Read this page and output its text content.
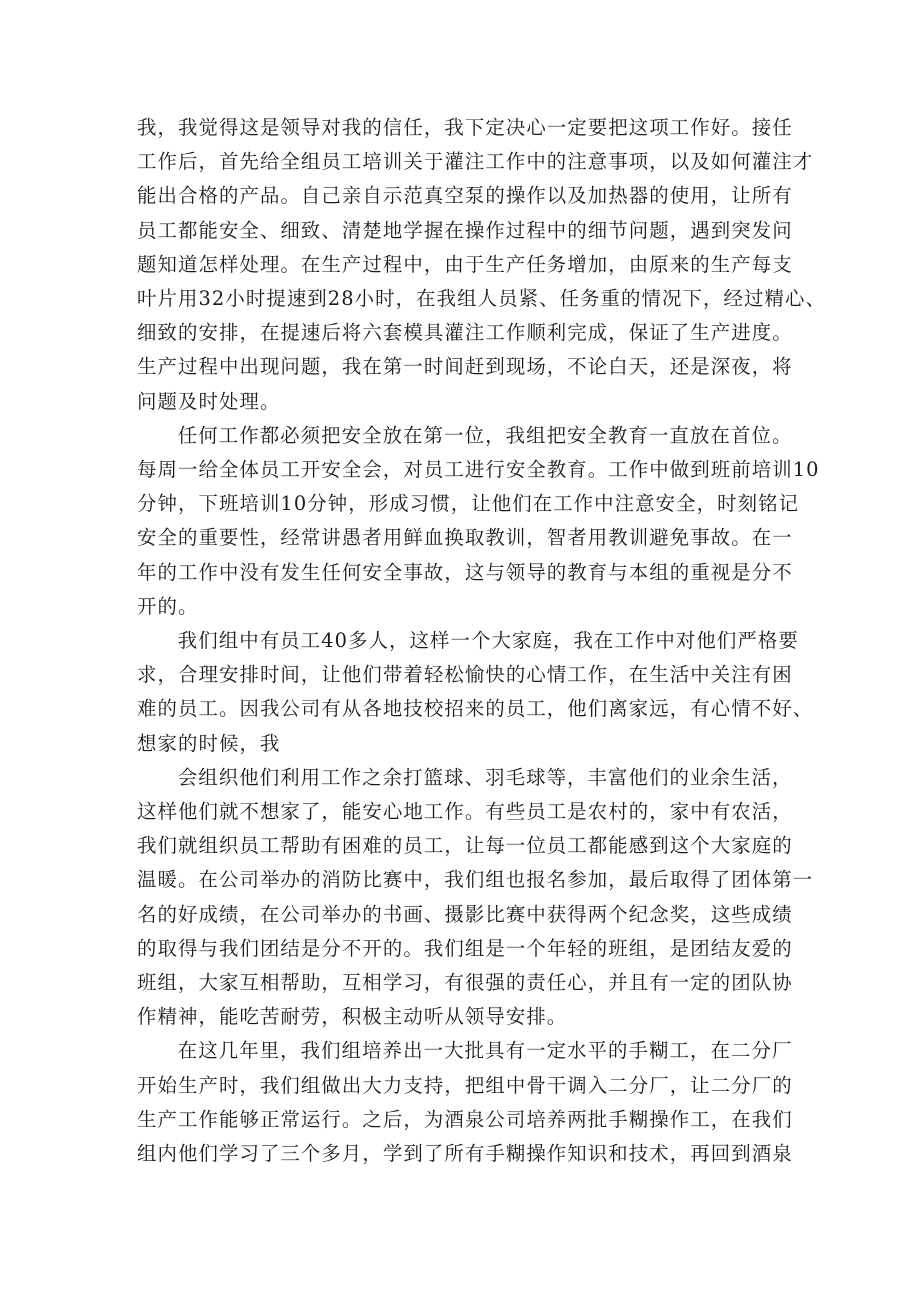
我，我觉得这是领导对我的信任，我下定决心一定要把这项工作好。接任
工作后，首先给全组员工培训关于灌注工作中的注意事项，以及如何灌注才
能出合格的产品。自己亲自示范真空泵的操作以及加热器的使用，让所有
员工都能安全、细致、清楚地学握在操作过程中的细节问题，遇到突发问
题知道怎样处理。在生产过程中，由于生产任务增加，由原来的生产每支
叶片用32小时提速到28小时，在我组人员紧、任务重的情况下，经过精心、
细致的安排，在提速后将六套模具灌注工作顺利完成，保证了生产进度。
生产过程中出现问题，我在第一时间赶到现场，不论白天，还是深夜，将
问题及时处理。
任何工作都必须把安全放在第一位，我组把安全教育一直放在首位。
每周一给全体员工开安全会，对员工进行安全教育。工作中做到班前培训10
分钟，下班培训10分钟，形成习惯，让他们在工作中注意安全，时刻铭记
安全的重要性，经常讲愚者用鲜血换取教训，智者用教训避免事故。在一
年的工作中没有发生任何安全事故，这与领导的教育与本组的重视是分不
开的。
我们组中有员工40多人，这样一个大家庭，我在工作中对他们严格要
求，合理安排时间，让他们带着轻松愉快的心情工作，在生活中关注有困
难的员工。因我公司有从各地技校招来的员工，他们离家远，有心情不好、
想家的时候，我
会组织他们利用工作之余打篮球、羽毛球等，丰富他们的业余生活，
这样他们就不想家了，能安心地工作。有些员工是农村的，家中有农活，
我们就组织员工帮助有困难的员工，让每一位员工都能感到这个大家庭的
温暖。在公司举办的消防比赛中，我们组也报名参加，最后取得了团体第一
名的好成绩，在公司举办的书画、摄影比赛中获得两个纪念奖，这些成绩
的取得与我们团结是分不开的。我们组是一个年轻的班组，是团结友爱的
班组，大家互相帮助，互相学习，有很强的责任心，并且有一定的团队协
作精神，能吃苦耐劳，积极主动听从领导安排。
在这几年里，我们组培养出一大批具有一定水平的手糊工，在二分厂
开始生产时，我们组做出大力支持，把组中骨干调入二分厂，让二分厂的
生产工作能够正常运行。之后，为酒泉公司培养两批手糊操作工，在我们
组内他们学习了三个多月，学到了所有手糊操作知识和技术，再回到酒泉
